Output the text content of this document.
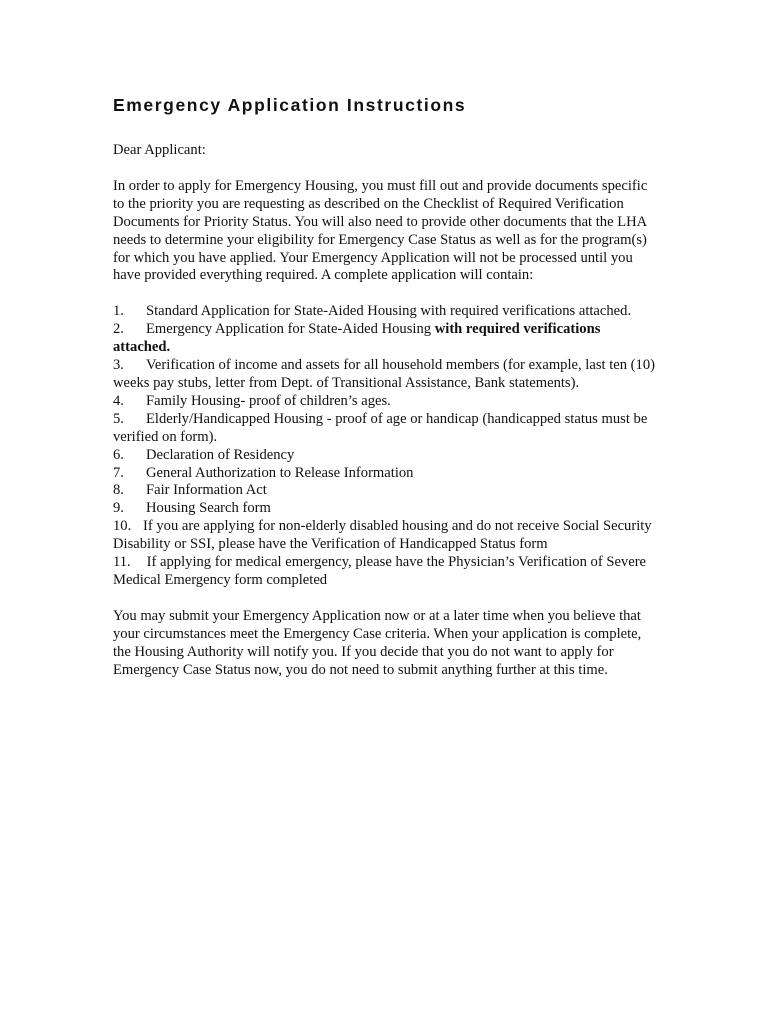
Emergency Application Instructions
Dear Applicant:
In order to apply for Emergency Housing, you must fill out and provide documents specific to the priority you are requesting as described on the Checklist of Required Verification Documents for Priority Status. You will also need to provide other documents that the LHA needs to determine your eligibility for Emergency Case Status as well as for the program(s) for which you have applied. Your Emergency Application will not be processed until you have provided everything required. A complete application will contain:
1. Standard Application for State-Aided Housing with required verifications attached.
2. Emergency Application for State-Aided Housing with required verifications attached.
3. Verification of income and assets for all household members (for example, last ten (10) weeks pay stubs, letter from Dept. of Transitional Assistance, Bank statements).
4. Family Housing- proof of children’s ages.
5. Elderly/Handicapped Housing - proof of age or handicap (handicapped status must be verified on form).
6. Declaration of Residency
7. General Authorization to Release Information
8. Fair Information Act
9. Housing Search form
10. If you are applying for non-elderly disabled housing and do not receive Social Security Disability or SSI, please have the Verification of Handicapped Status form
11. If applying for medical emergency, please have the Physician’s Verification of Severe Medical Emergency form completed
You may submit your Emergency Application now or at a later time when you believe that your circumstances meet the Emergency Case criteria. When your application is complete, the Housing Authority will notify you. If you decide that you do not want to apply for Emergency Case Status now, you do not need to submit anything further at this time.
